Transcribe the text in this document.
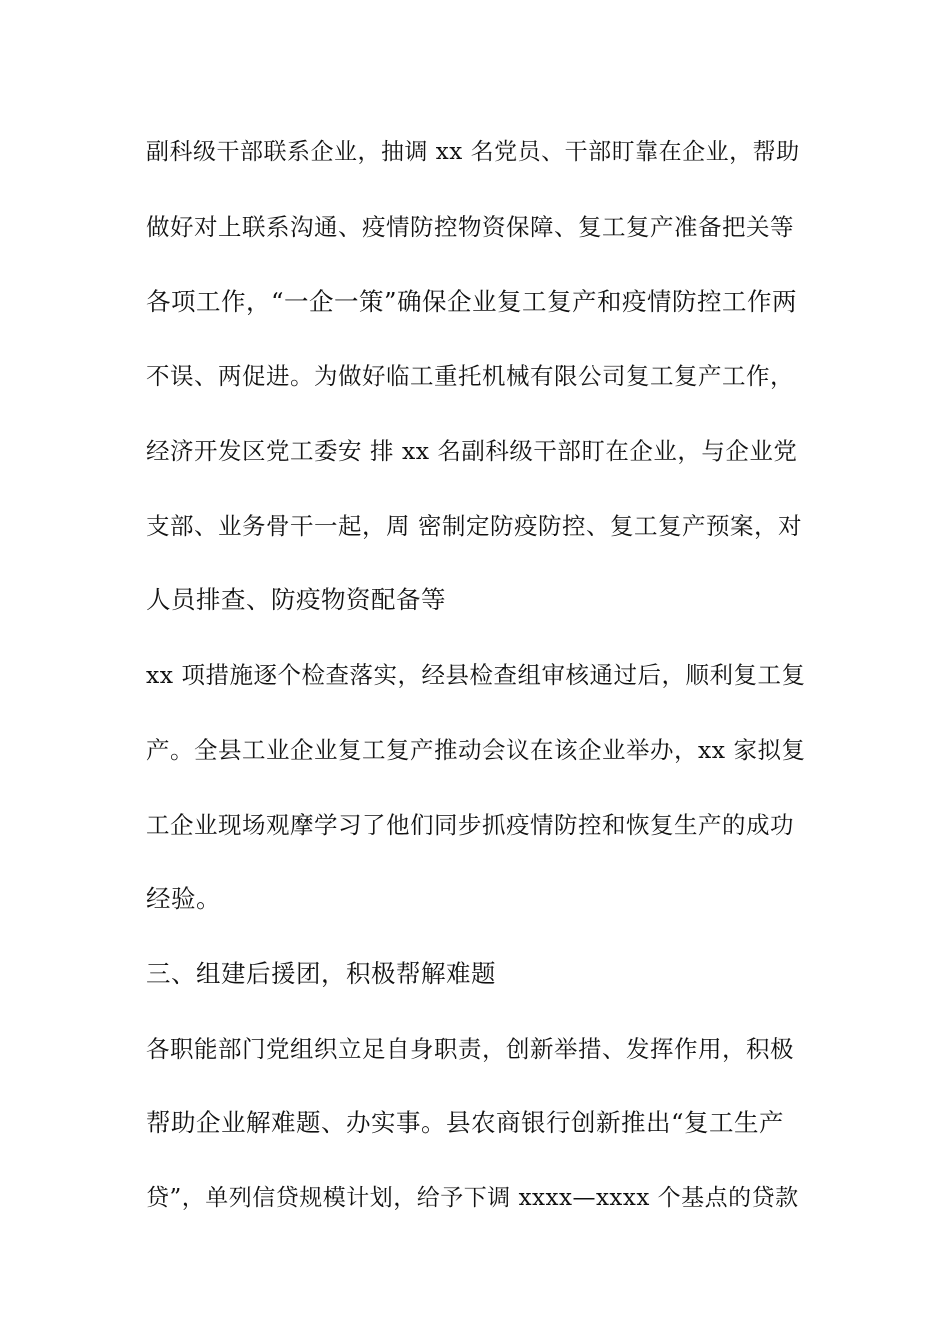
副科级干部联系企业，抽调 xx 名党员、干部盯靠在企业，帮助
做好对上联系沟通、疫情防控物资保障、复工复产准备把关等
各项工作，“一企一策”确保企业复工复产和疫情防控工作两
不误、两促进。为做好临工重托机械有限公司复工复产工作，
经济开发区党工委安 排 xx 名副科级干部盯在企业，与企业党
支部、业务骨干一起，周 密制定防疫防控、复工复产预案，对
人员排查、防疫物资配备等
xx 项措施逐个检查落实，经县检查组审核通过后，顺利复工复
产。全县工业企业复工复产推动会议在该企业举办，xx 家拟复
工企业现场观摩学习了他们同步抓疫情防控和恢复生产的成功
经验。
三、组建后援团，积极帮解难题
各职能部门党组织立足自身职责，创新举措、发挥作用，积极
帮助企业解难题、办实事。县农商银行创新推出“复工生产
贷”，单列信贷规模计划，给予下调 xxxx—xxxx 个基点的贷款
